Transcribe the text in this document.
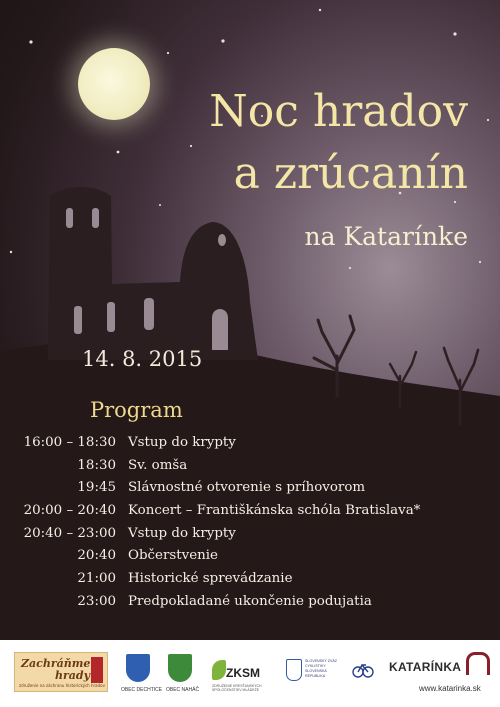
Noc hradov
a zrúcanín
na Katarínke
14. 8. 2015
Program
16:00 – 18:30 Vstup do krypty
18:30 Sv. omša
19:45 Slávnostné otvorenie s príhovorom
20:00 – 20:40 Koncert – Františkánska schóla Bratislava*
20:40 – 23:00 Vstup do krypty
20:40 Občerstvenie
21:00 Historické sprevádzanie
23:00 Predpokladané ukončenie podujatia
Zachráňme
hrady
združenie na záchranu historických hradov
OBEC DECHTICE OBEC NAHÁČ
ZKSM
ZDRUŽENIE KRESŤANSKÝCH SPOLOČENSTIEV MLÁDEŽE
SLOVENSKÝ ZVÄZ CYKLISTIKY SLOVENSKÁ REPUBLIKA
KATARÍNKA
www.katarinka.sk
